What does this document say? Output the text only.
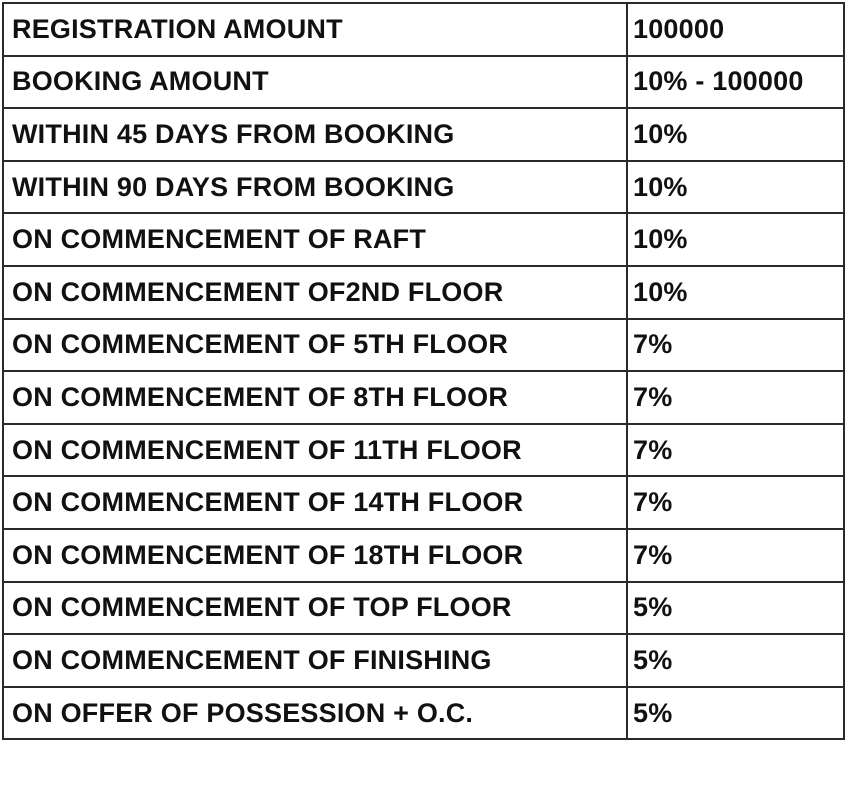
REGISTRATION AMOUNT	100000
BOOKING AMOUNT	10% - 100000
WITHIN 45 DAYS FROM BOOKING	10%
WITHIN 90 DAYS FROM BOOKING	10%
ON COMMENCEMENT OF RAFT	10%
ON COMMENCEMENT OF2ND FLOOR	10%
ON COMMENCEMENT OF 5TH FLOOR	7%
ON COMMENCEMENT OF 8TH FLOOR	7%
ON COMMENCEMENT OF 11TH FLOOR	7%
ON COMMENCEMENT OF 14TH FLOOR	7%
ON COMMENCEMENT OF 18TH FLOOR	7%
ON COMMENCEMENT OF TOP FLOOR	5%
ON COMMENCEMENT OF FINISHING	5%
ON OFFER OF POSSESSION + O.C.	5%
